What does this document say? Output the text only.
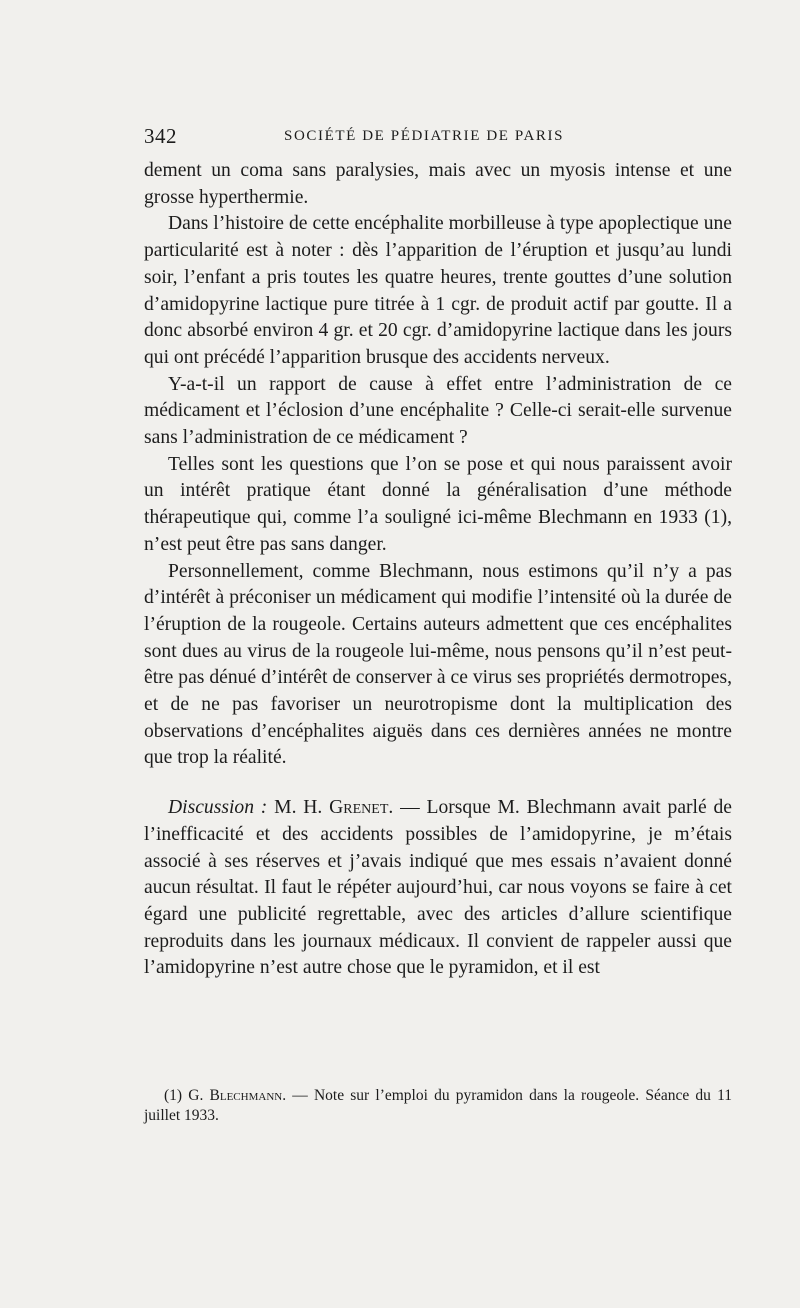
342	SOCIÉTÉ DE PÉDIATRIE DE PARIS

dement un coma sans paralysies, mais avec un myosis intense et une grosse hyperthermie.

Dans l’histoire de cette encéphalite morbilleuse à type apoplectique une particularité est à noter : dès l’apparition de l’éruption et jusqu’au lundi soir, l’enfant a pris toutes les quatre heures, trente gouttes d’une solution d’amidopyrine lactique pure titrée à 1 cgr. de produit actif par goutte. Il a donc absorbé environ 4 gr. et 20 cgr. d’amidopyrine lactique dans les jours qui ont précédé l’apparition brusque des accidents nerveux.

Y-a-t-il un rapport de cause à effet entre l’administration de ce médicament et l’éclosion d’une encéphalite ? Celle-ci serait-elle survenue sans l’administration de ce médicament ?

Telles sont les questions que l’on se pose et qui nous paraissent avoir un intérêt pratique étant donné la généralisation d’une méthode thérapeutique qui, comme l’a souligné ici-même Blechmann en 1933 (1), n’est peut être pas sans danger.

Personnellement, comme Blechmann, nous estimons qu’il n’y a pas d’intérêt à préconiser un médicament qui modifie l’intensité où la durée de l’éruption de la rougeole. Certains auteurs admettent que ces encéphalites sont dues au virus de la rougeole lui-même, nous pensons qu’il n’est peut-être pas dénué d’intérêt de conserver à ce virus ses propriétés dermotropes, et de ne pas favoriser un neurotropisme dont la multiplication des observations d’encéphalites aiguës dans ces dernières années ne montre que trop la réalité.

Discussion : M. H. Grenet. — Lorsque M. Blechmann avait parlé de l’inefficacité et des accidents possibles de l’amidopyrine, je m’étais associé à ses réserves et j’avais indiqué que mes essais n’avaient donné aucun résultat. Il faut le répéter aujourd’hui, car nous voyons se faire à cet égard une publicité regrettable, avec des articles d’allure scientifique reproduits dans les journaux médicaux. Il convient de rappeler aussi que l’amidopyrine n’est autre chose que le pyramidon, et il est

(1) G. Blechmann. — Note sur l’emploi du pyramidon dans la rougeole. Séance du 11 juillet 1933.
